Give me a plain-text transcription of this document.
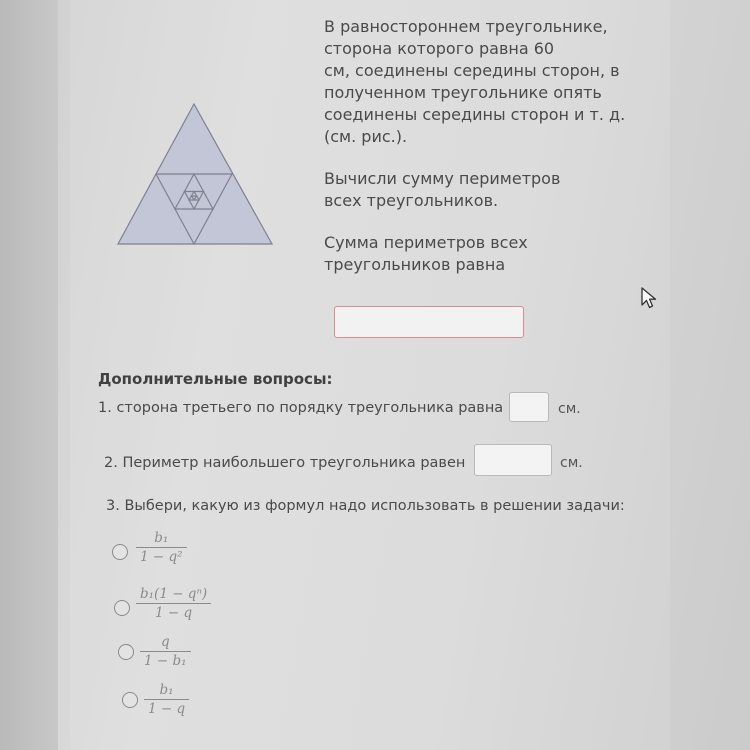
В равностороннем треугольнике,
сторона которого равна 60
см, соединены середины сторон, в
полученном треугольнике опять
соединены середины сторон и т. д.
(см. рис.).

Вычисли сумму периметров
всех треугольников.

Сумма периметров всех
треугольников равна

Дополнительные вопросы:
1. сторона третьего по порядку треугольника равна	см.
2. Периметр наибольшего треугольника равен	см.
3. Выбери, какую из формул надо использовать в решении задачи:
b₁
1 − q²
b₁(1 − qⁿ)
1 − q
q
1 − b₁
b₁
1 − q
